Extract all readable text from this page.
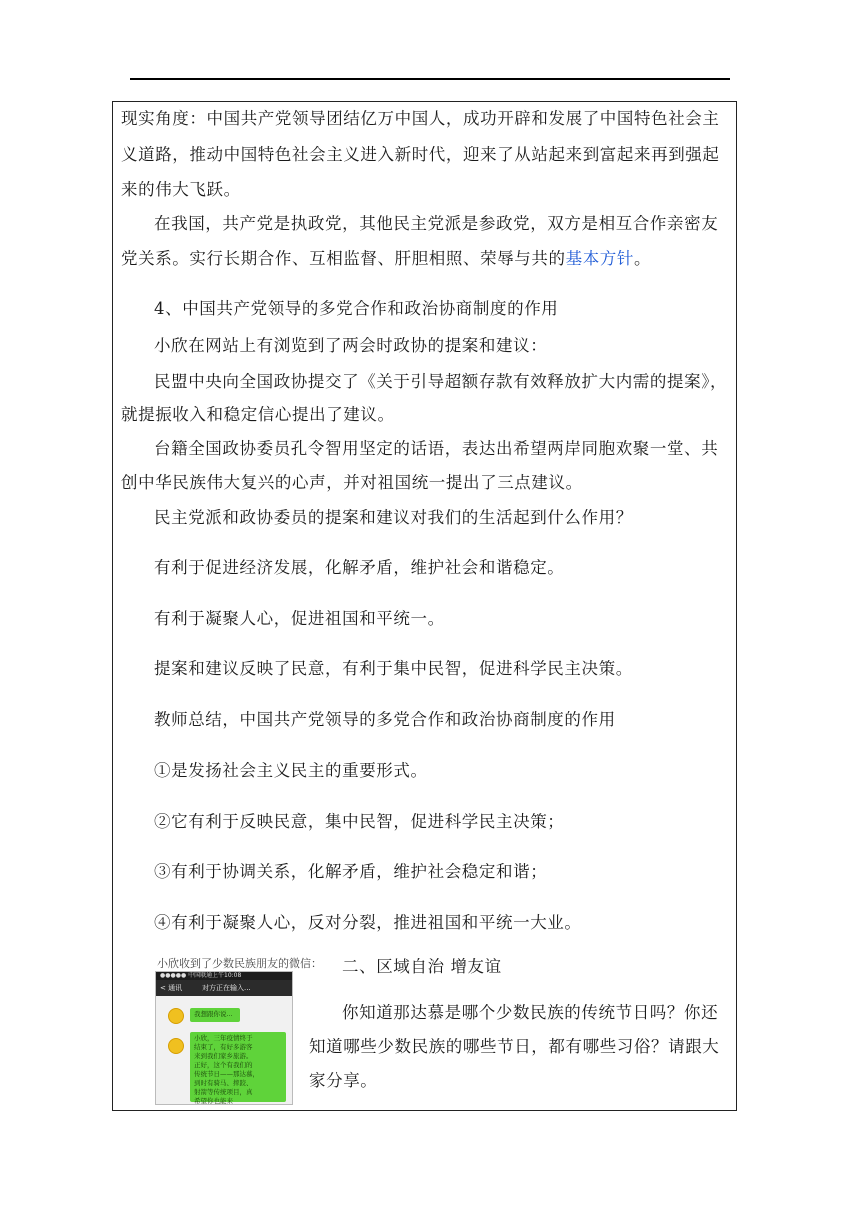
现实角度：中国共产党领导团结亿万中国人，成功开辟和发展了中国特色社会主
义道路，推动中国特色社会主义进入新时代，迎来了从站起来到富起来再到强起
来的伟大飞跃。
在我国，共产党是执政党，其他民主党派是参政党，双方是相互合作亲密友
党关系。实行长期合作、互相监督、肝胆相照、荣辱与共的基本方针。
4、中国共产党领导的多党合作和政治协商制度的作用
小欣在网站上有浏览到了两会时政协的提案和建议：
民盟中央向全国政协提交了《关于引导超额存款有效释放扩大内需的提案》，
就提振收入和稳定信心提出了建议。
台籍全国政协委员孔令智用坚定的话语，表达出希望两岸同胞欢聚一堂、共
创中华民族伟大复兴的心声，并对祖国统一提出了三点建议。
民主党派和政协委员的提案和建议对我们的生活起到什么作用？
有利于促进经济发展，化解矛盾，维护社会和谐稳定。
有利于凝聚人心，促进祖国和平统一。
提案和建议反映了民意，有利于集中民智，促进科学民主决策。
教师总结，中国共产党领导的多党合作和政治协商制度的作用
①是发扬社会主义民主的重要形式。
②它有利于反映民意，集中民智，促进科学民主决策；
③有利于协调关系，化解矛盾，维护社会稳定和谐；
④有利于凝聚人心，反对分裂，推进祖国和平统一大业。
二、区域自治 增友谊
你知道那达慕是哪个少数民族的传统节日吗？你还
知道哪些少数民族的哪些节日，都有哪些习俗？请跟大
家分享。
小欣收到了少数民族朋友的微信：
●●●●● 中国联通 上午10:08
< 通讯	对方正在输入...
我想跟你说...
小欣，三年疫情终于
结束了，有好多游客
来到我们家乡旅游。
正好，这个有我们的
传统节日——那达慕，
到时有骑马、摔跤、
射箭等传统项目，真
希望你也能来
